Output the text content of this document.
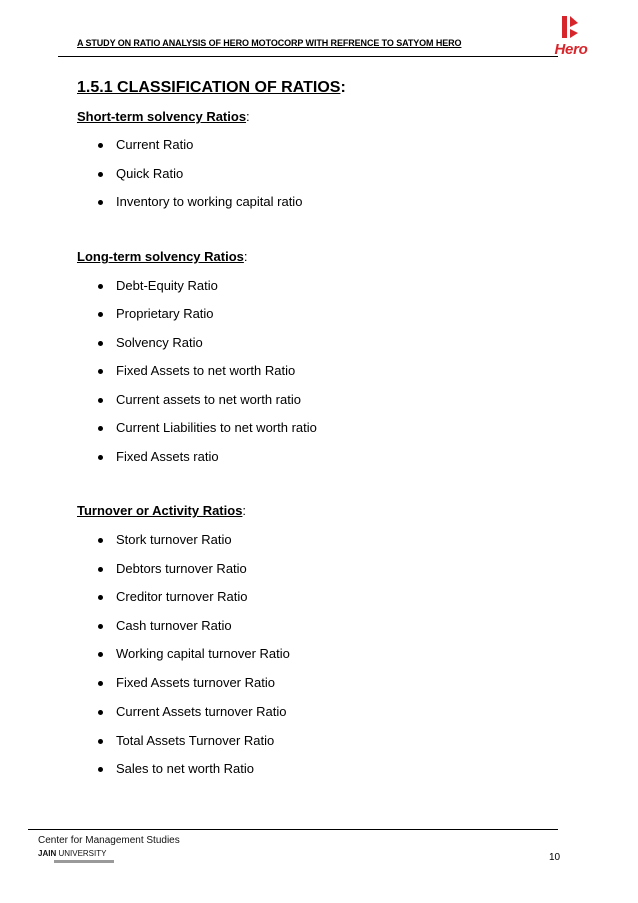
A STUDY ON RATIO ANALYSIS OF HERO MOTOCORP WITH REFRENCE TO SATYOM HERO	Hero
1.5.1 CLASSIFICATION OF RATIOS:
Short-term solvency Ratios:
Current Ratio
Quick Ratio
Inventory to working capital ratio
Long-term solvency Ratios:
Debt-Equity Ratio
Proprietary Ratio
Solvency Ratio
Fixed Assets to net worth Ratio
Current assets to net worth ratio
Current Liabilities to net worth ratio
Fixed Assets ratio
Turnover or Activity Ratios:
Stork turnover Ratio
Debtors turnover Ratio
Creditor turnover Ratio
Cash turnover Ratio
Working capital turnover Ratio
Fixed Assets turnover Ratio
Current Assets turnover Ratio
Total Assets Turnover Ratio
Sales to net worth Ratio
Center for Management Studies
JAIN UNIVERSITY	10
